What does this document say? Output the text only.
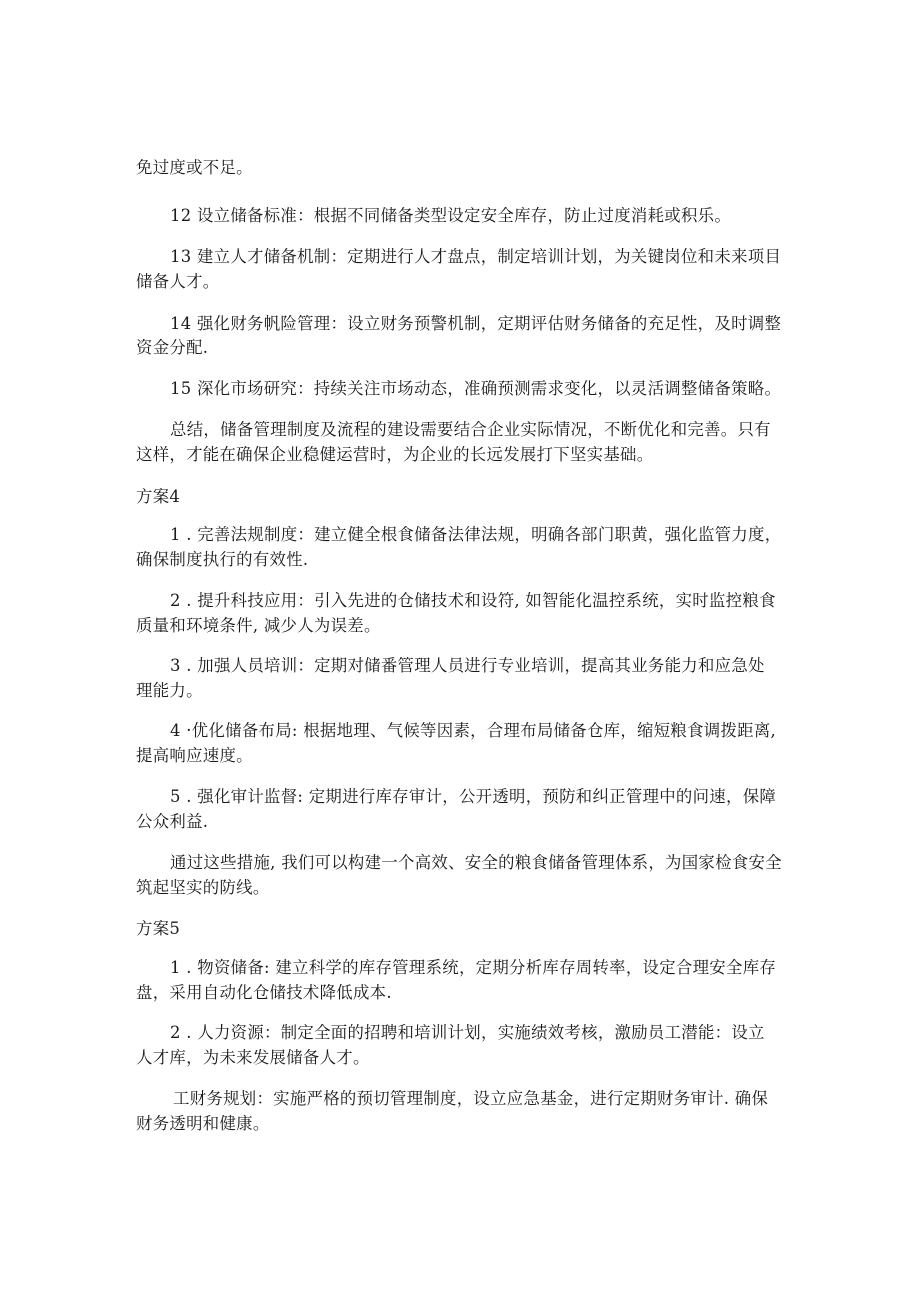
免过度或不足。
12 设立储备标准：根据不同储备类型设定安全库存，防止过度消耗或积乐。
13 建立人才储备机制：定期进行人才盘点，制定培训计划，为关键岗位和未来项目
储备人才。
14 强化财务帆险管理：设立财务预警机制，定期评估财务储备的充足性，及时调整
资金分配.
15 深化市场研究：持续关注市场动态，准确预测需求变化，以灵活调整储备策略。
总结，储备管理制度及流程的建设需要结合企业实际情况，不断优化和完善。只有
这样，才能在确保企业稳健运营时，为企业的长远发展打下坚实基础。
方案4
1 . 完善法规制度：建立健全根食储备法律法规，明确各部门职黄，强化监管力度，
确保制度执行的有效性.
2 . 提升科技应用：引入先进的仓储技术和设符, 如智能化温控系统，实时监控粮食
质量和环境条件, 减少人为误差。
3 . 加强人员培训：定期对储番管理人员进行专业培训，提高其业务能力和应急处
理能力。
4 ·优化储备布局: 根据地理、气候等因素，合理布局储备仓库，缩短粮食调拨距离,
提高响应速度。
5 . 强化审计监督: 定期进行库存审计，公开透明，预防和纠正管理中的问速，保障
公众利益.
通过这些措施, 我们可以构建一个高效、安全的粮食储备管理体系，为国家检食安全
筑起坚实的防线。
方案5
1 . 物资储备: 建立科学的库存管理系统，定期分析库存周转率，设定合理安全库存
盘，采用自动化仓储技术降低成本.
2 . 人力资源：制定全面的招聘和培训计划，实施绩效考核，激励员工潜能：设立
人才库，为未来发展储备人才。
工财务规划：实施严格的预切管理制度，设立应急基金，进行定期财务审计. 确保
财务透明和健康。
